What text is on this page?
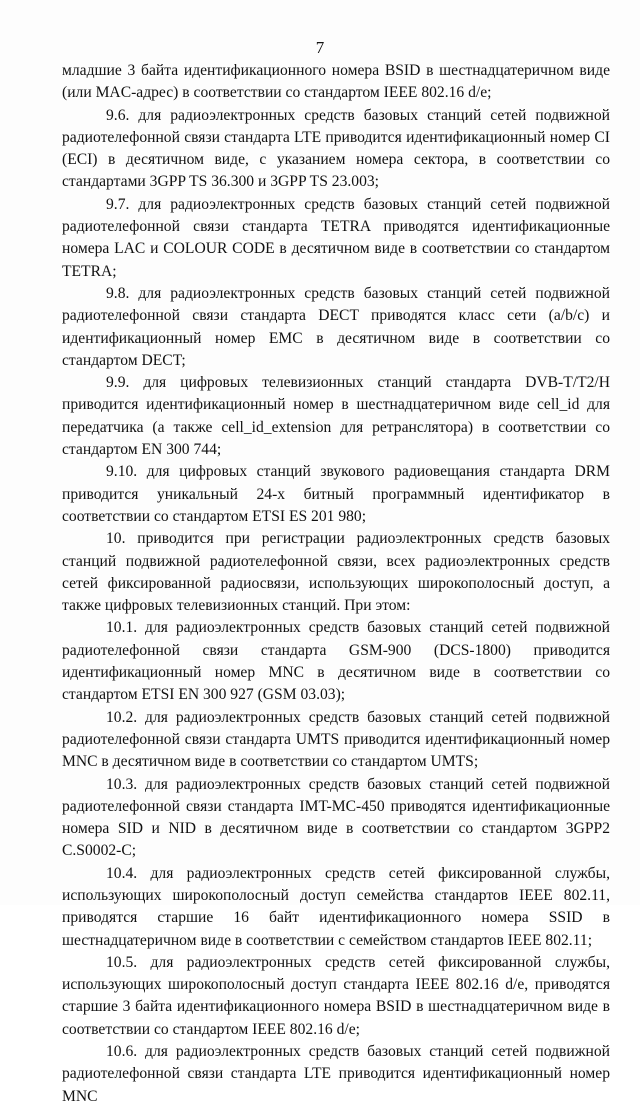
7

младшие 3 байта идентификационного номера BSID в шестнадцатеричном виде (или MAC-адрес) в соответствии со стандартом IEEE 802.16 d/e;

9.6. для радиоэлектронных средств базовых станций сетей подвижной радиотелефонной связи стандарта LTE приводится идентификационный номер CI (ECI) в десятичном виде, с указанием номера сектора, в соответствии со стандартами 3GPP TS 36.300 и 3GPP TS 23.003;

9.7. для радиоэлектронных средств базовых станций сетей подвижной радиотелефонной связи стандарта TETRA приводятся идентификационные номера LAC и COLOUR CODE в десятичном виде в соответствии со стандартом TETRA;

9.8. для радиоэлектронных средств базовых станций сетей подвижной радиотелефонной связи стандарта DECT приводятся класс сети (a/b/c) и идентификационный номер EMC в десятичном виде в соответствии со стандартом DECT;

9.9. для цифровых телевизионных станций стандарта DVB-T/T2/H приводится идентификационный номер в шестнадцатеричном виде cell_id для передатчика (а также cell_id_extension для ретранслятора) в соответствии со стандартом EN 300 744;

9.10. для цифровых станций звукового радиовещания стандарта DRM приводится уникальный 24-х битный программный идентификатор в соответствии со стандартом ETSI ES 201 980;

10. приводится при регистрации радиоэлектронных средств базовых станций подвижной радиотелефонной связи, всех радиоэлектронных средств сетей фиксированной радиосвязи, использующих широкополосный доступ, а также цифровых телевизионных станций. При этом:

10.1. для радиоэлектронных средств базовых станций сетей подвижной радиотелефонной связи стандарта GSM-900 (DCS-1800) приводится идентификационный номер MNC в десятичном виде в соответствии со стандартом ETSI EN 300 927 (GSM 03.03);

10.2. для радиоэлектронных средств базовых станций сетей подвижной радиотелефонной связи стандарта UMTS приводится идентификационный номер MNC в десятичном виде в соответствии со стандартом UMTS;

10.3. для радиоэлектронных средств базовых станций сетей подвижной радиотелефонной связи стандарта IMT-MC-450 приводятся идентификационные номера SID и NID в десятичном виде в соответствии со стандартом 3GPP2 C.S0002-C;

10.4. для радиоэлектронных средств сетей фиксированной службы, использующих широкополосный доступ семейства стандартов IEEE 802.11, приводятся старшие 16 байт идентификационного номера SSID в шестнадцатеричном виде в соответствии с семейством стандартов IEEE 802.11;

10.5. для радиоэлектронных средств сетей фиксированной службы, использующих широкополосный доступ стандарта IEEE 802.16 d/e, приводятся старшие 3 байта идентификационного номера BSID в шестнадцатеричном виде в соответствии со стандартом IEEE 802.16 d/e;

10.6. для радиоэлектронных средств базовых станций сетей подвижной радиотелефонной связи стандарта LTE приводится идентификационный номер MNC
